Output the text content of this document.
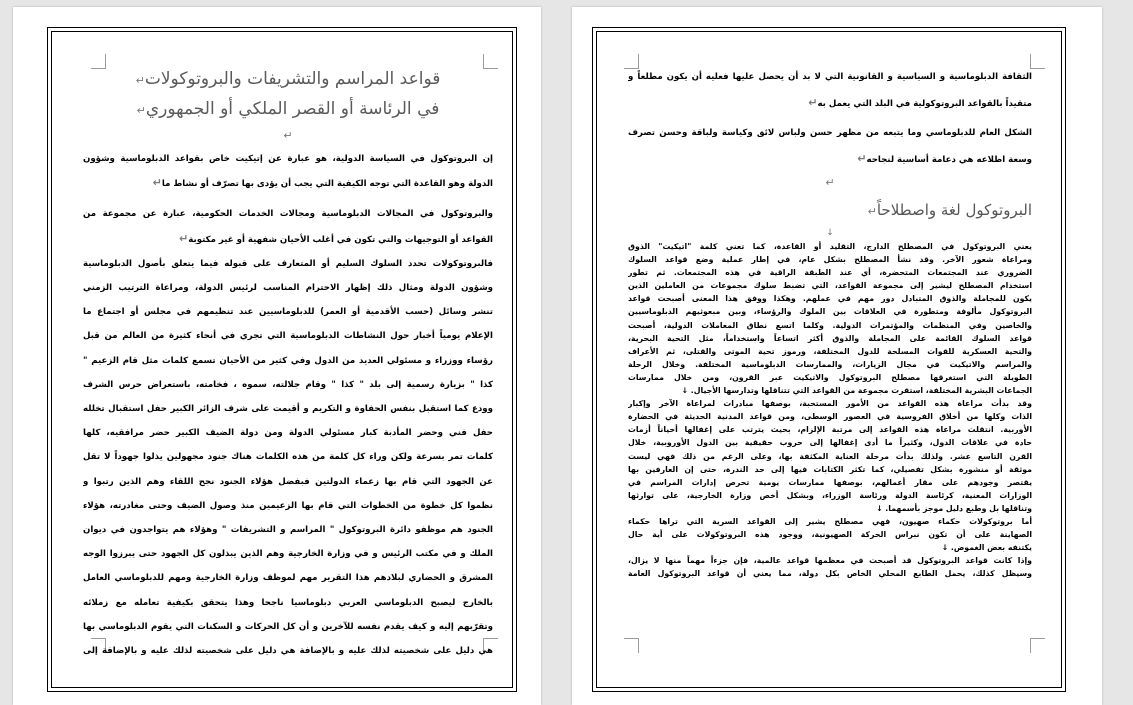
قواعد المراسم والتشريفات والبروتوكولات↵
في الرئاسة أو القصر الملكي أو الجمهوري↵
↵
إن البروتوكول في السياسة الدولية، هو عبارة عن إتيكيت خاص بقواعد الدبلوماسية وشؤون
الدولة وهو القاعدة التي توجه الكيفية التي يجب أن يؤدى بها تصرّف أو نشاط ما↵
والبروتوكول في المجالات الدبلوماسية ومجالات الخدمات الحكومية، عبارة عن مجموعة من
القواعد أو التوجيهات والتي تكون في أغلب الأحيان شفهية أو غير مكتوبة↵
فالبروتوكولات تحدد السلوك السليم أو المتعارف على قبوله فيما يتعلق بأصول الدبلوماسية
وشؤون الدولة ومثال ذلك إظهار الاحترام المناسب لرئيس الدولة، ومراعاة الترتيب الزمني
تنشر وسائل (حسب الأقدمية أو العمر) للدبلوماسيين عند تنظيمهم في مجلس أو اجتماع ما
الإعلام يومياً أخبار حول النشاطات الدبلوماسية التي تجري في أنحاء كثيرة من العالم من قبل
رؤساء ووزراء و مسئولي العديد من الدول وفي كثير من الأحيان تسمع كلمات مثل قام الزعيم "
كذا " بزيارة رسمية إلى بلد " كذا " وقام جلالته، سموه ، فخامته، باستعراض حرس الشرف
وودع كما استقبل بنفس الحفاوة و التكريم و أقيمت على شرف الزائر الكبير حفل استقبال تخلله
حفل فني وحضر المأدبة كبار مسئولي الدولة ومن دولة الضيف الكبير حضر مرافقيه، كلها
كلمات تمر بسرعة ولكن وراء كل كلمة من هذه الكلمات هناك جنود مجهولين يذلوا جهوداً لا تقل
عن الجهود التي قام بها زعماء الدولتين فبفضل هؤلاء الجنود نجح اللقاء وهم الذين رتبوا و
نظموا كل خطوة من الخطوات التي قام بها الزعيمين منذ وصول الضيف وحتى مغادرته، هؤلاء
الجنود هم موظفو دائرة البروتوكول " المراسم و التشريفات " وهؤلاء هم يتواجدون في ديوان
الملك و في مكتب الرئيس و في وزارة الخارجية وهم الذين يبذلون كل الجهود حتى يبرزوا الوجه
المشرق و الحضاري لبلادهم هذا التقرير مهم لموظف وزارة الخارجية ومهم للدبلوماسي العامل
بالخارج ليصبح الدبلوماسي العربي دبلوماسيا ناجحا وهذا يتحقق بكيفية تعامله مع زملائه
وتقرّبهم إليه و كيف يقدم نفسه للآخرين و أن كل الحركات و السكنات التي يقوم الدبلوماسي بها
هي دليل على شخصيته لذلك عليه و بالإضافة هي دليل على شخصيته لذلك عليه و بالإضافة إلى
الثقافة الدبلوماسية و السياسية و القانونية التي لا بد أن يحصل عليها فعليه أن يكون مطلعاً و
متقيداً بالقواعد البروتوكولية في البلد التي يعمل به↵
الشكل العام للدبلوماسي وما يتبعه من مظهر حسن ولباس لائق وكياسة ولباقة وحسن تصرف
وسعة اطلاعه هي دعامة أساسية لنجاحه↵
↵
البروتوكول لغة واصطلاحاً↵
↓
يعني البروتوكول في المصطلح الدارج، التقليد أو القاعدة، كما تعني كلمة "اتيكيت" الذوق
ومراعاة شعور الآخر. وقد نشأ المصطلح بشكل عام، في إطار عملية وضع قواعد السلوك
الضروري عند المجتمعات المتحضرة، أي عند الطبقة الراقية في هذه المجتمعات. ثم تطور
استخدام المصطلح ليشير إلى مجموعة القواعد، التي تضبط سلوك مجموعات من العاملين الذين
يكون للمجاملة والذوق المتبادل دور مهم في عملهم. وهكذا ووفق هذا المعنى أصبحت قواعد
البروتوكول مألوفة ومتطورة في العلاقات بين الملوك والرؤساء، وبين مبعوثيهم الدبلوماسيين
والخاصين وفي المنظمات والمؤتمرات الدولية. وكلما اتسع نطاق المعاملات الدولية، أصبحت
قواعد السلوك القائمة على المجاملة والذوق أكثر اتساعاً واستخداماً، مثل التحية البحرية،
والتحية العسكرية للقوات المسلحة للدول المختلفة، ورموز تحية الموتى والقتلى، ثم الأعراف
والمراسم والاتيكيت في مجال الزيارات، والممارسات الدبلوماسية المختلفة. وخلال الرحلة
الطويلة التي استغرقها مصطلح البروتوكول والاتيكيت عبر القرون، ومن خلال ممارسات
الجماعات البشرية المختلفة، استقرت مجموعة من القواعد التي تتناقلها وتدارسها الأجيال. ↓
وقد بدأت مراعاة هذه القواعد من الأمور المستحبة، بوصفها مبادرات لمراعاة الآخر وإكبار
الذات وكلها من أخلاق الفروسية في العصور الوسطى، ومن قواعد المدنية الحديثة في الحضارة
الأوربية. انتقلت مراعاة هذه القواعد إلى مرتبة الإلزام، بحيث يترتب على إغفالها أحياناً أزمات
حادة في علاقات الدول، وكثيراً ما أدى إغفالها إلى حروب حقيقية بين الدول الأوروبية، خلال
القرن التاسع عشر. ولذلك بدأت مرحلة العناية المكثفة بها، وعلى الرغم من ذلك فهي ليست
موثقة أو منشورة بشكل تفصيلي، كما تكثر الكتابات فيها إلى حد الندرة، حتى إن العارفين بها
يقتصر وجودهم على مقار أعمالهم، بوصفها ممارسات يومية تحرص إدارات المراسم في
الوزارات المعنية، كرئاسة الدولة ورئاسة الوزراء، وبشكل أخص وزارة الخارجية، على توارثها
وتناقلها بل وطبع دليل موجز بأسمهما. ↓
أما بروتوكولات حكماء صهيون، فهي مصطلح يشير إلى القواعد السرية التي تراها حكماء
الصهاينة على أن تكون نبراس الحركة الصهيونية، ووجود هذه البروتوكولات على أية حال
يكتنفه بعض الغموض. ↓
وإذا كانت قواعد البروتوكول قد أصبحت في معظمها قواعد عالمية، فإن جزءاً مهماً منها لا يزال،
وسيظل كذلك، يحمل الطابع المحلي الخاص بكل دولة، مما يعني أن قواعد البروتوكول العامة
